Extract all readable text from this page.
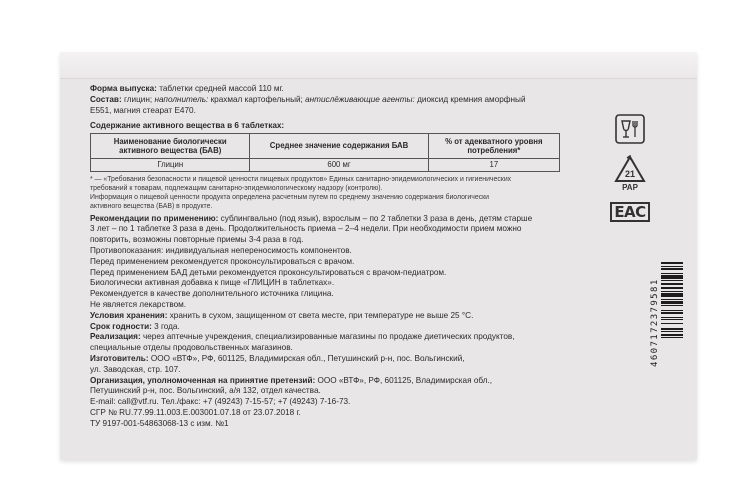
Форма выпуска: таблетки средней массой 110 мг.

Состав: глицин; наполнитель: крахмал картофельный; антислёживающие агенты: диоксид кремния аморфный

Е551, магния стеарат Е470.

Содержание активного вещества в 6 таблетках:

Наименование биологически активного вещества (БАВ)	Среднее значение содержания БАВ	% от адекватного уровня потребления*
Глицин	600 мг	17

* — «Требования безопасности и пищевой ценности пищевых продуктов» Единых санитарно-эпидемиологических и гигиенических

требований к товарам, подлежащим санитарно-эпидемиологическому надзору (контролю).

Информация о пищевой ценности продукта определена расчетным путем по среднему значению содержания биологически

активного вещества (БАВ) в продукте.

Рекомендации по применению: сублингвально (под язык), взрослым – по 2 таблетки 3 раза в день, детям старше

3 лет – по 1 таблетке 3 раза в день. Продолжительность приема – 2–4 недели. При необходимости прием можно

повторить, возможны повторные приемы 3-4 раза в год.

Противопоказания: индивидуальная непереносимость компонентов.

Перед применением рекомендуется проконсультироваться с врачом.

Перед применением БАД детьми рекомендуется проконсультироваться с врачом-педиатром.

Биологически активная добавка к пище «ГЛИЦИН в таблетках».

Рекомендуется в качестве дополнительного источника глицина.

Не является лекарством.

Условия хранения: хранить в сухом, защищенном от света месте, при температуре не выше 25 °С.

Срок годности: 3 года.

Реализация: через аптечные учреждения, специализированные магазины по продаже диетических продуктов,

специальные отделы продовольственных магазинов.

Изготовитель: ООО «ВТФ», РФ, 601125, Владимирская обл., Петушинский р-н, пос. Вольгинский,

ул. Заводская, стр. 107.

Организация, уполномоченная на принятие претензий: ООО «ВТФ», РФ, 601125, Владимирская обл.,

Петушинский р-н, пос. Вольгинский, а/я 132, отдел качества.

E-mail: call@vtf.ru. Тел./факс: +7 (49243) 7-15-57; +7 (49243) 7-16-73.

СГР № RU.77.99.11.003.Е.003001.07.18 от 23.07.2018 г.

ТУ 9197-001-54863068-13 с изм. №1

21
PAP
ЕАС
4607172379581
